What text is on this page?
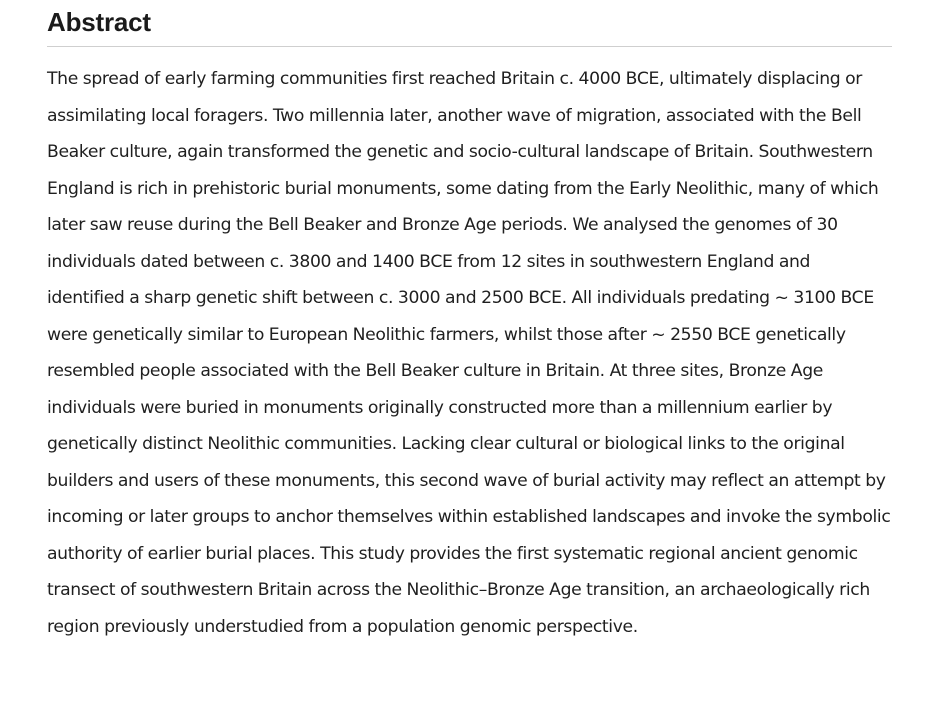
Abstract

The spread of early farming communities first reached Britain c. 4000 BCE, ultimately displacing or assimilating local foragers. Two millennia later, another wave of migration, associated with the Bell Beaker culture, again transformed the genetic and socio-cultural landscape of Britain. Southwestern England is rich in prehistoric burial monuments, some dating from the Early Neolithic, many of which later saw reuse during the Bell Beaker and Bronze Age periods. We analysed the genomes of 30 individuals dated between c. 3800 and 1400 BCE from 12 sites in southwestern England and identified a sharp genetic shift between c. 3000 and 2500 BCE. All individuals predating ~ 3100 BCE were genetically similar to European Neolithic farmers, whilst those after ~ 2550 BCE genetically resembled people associated with the Bell Beaker culture in Britain. At three sites, Bronze Age individuals were buried in monuments originally constructed more than a millennium earlier by genetically distinct Neolithic communities. Lacking clear cultural or biological links to the original builders and users of these monuments, this second wave of burial activity may reflect an attempt by incoming or later groups to anchor themselves within established landscapes and invoke the symbolic authority of earlier burial places. This study provides the first systematic regional ancient genomic transect of southwestern Britain across the Neolithic–Bronze Age transition, an archaeologically rich region previously understudied from a population genomic perspective.
